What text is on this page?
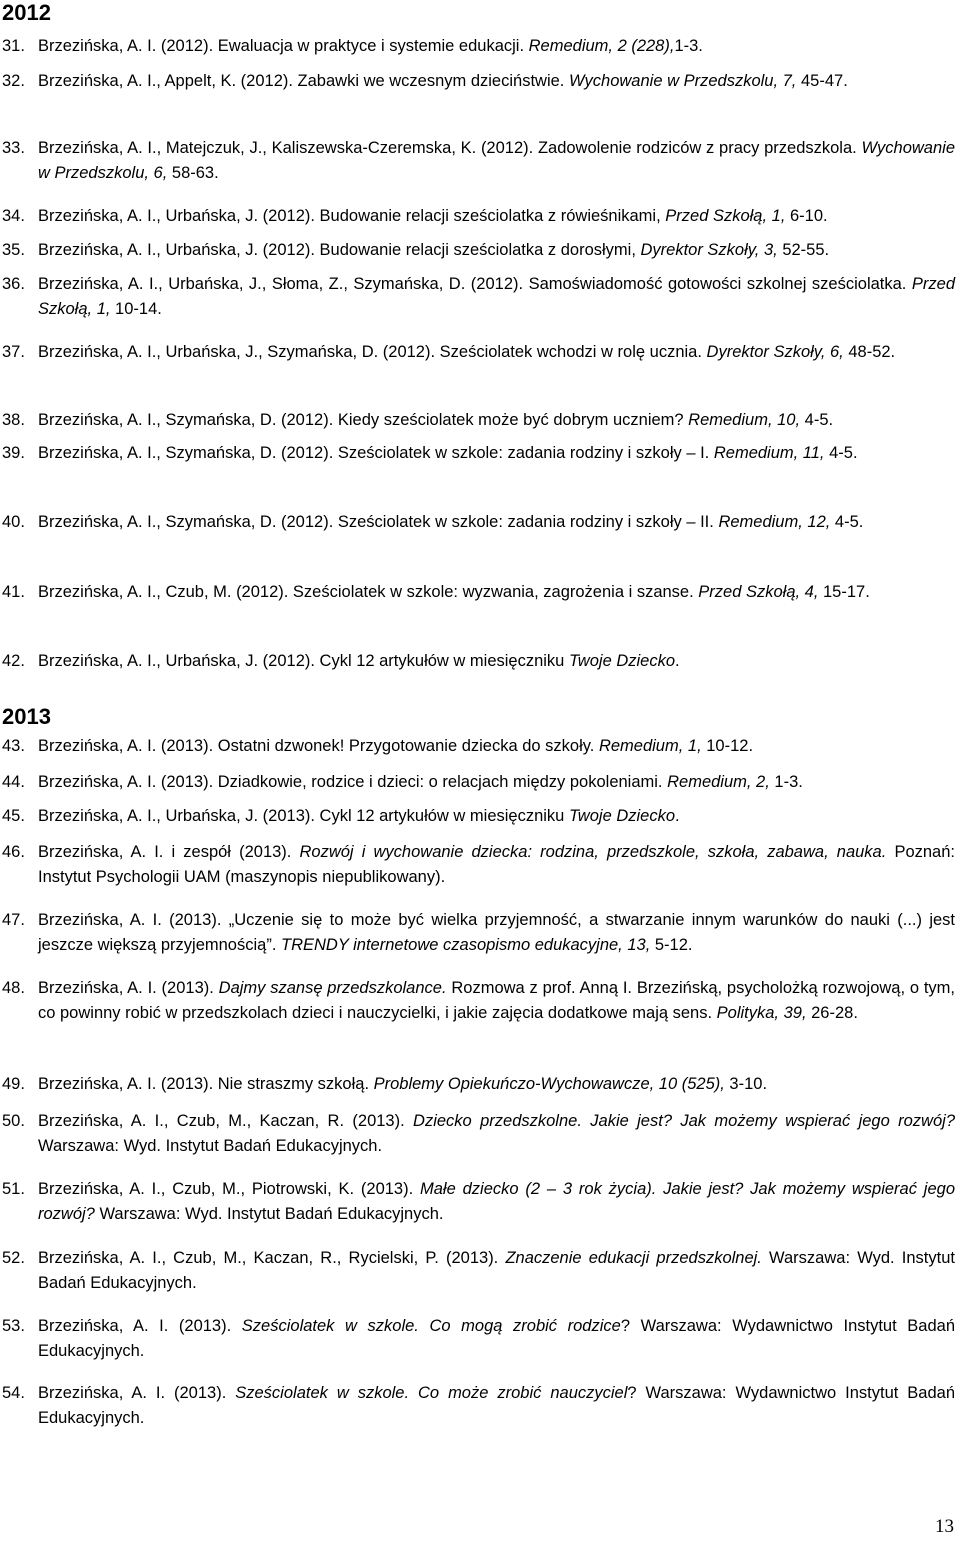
2012
2013
31. Brzezińska, A. I. (2012). Ewaluacja w praktyce i systemie edukacji. Remedium, 2 (228),1-3.
32. Brzezińska, A. I., Appelt, K. (2012). Zabawki we wczesnym dzieciństwie. Wychowanie w Przedszkolu, 7, 45-47.
33. Brzezińska, A. I., Matejczuk, J., Kaliszewska-Czeremska, K. (2012). Zadowolenie rodziców z pracy przedszkola. Wychowanie w Przedszkolu, 6, 58-63.
34. Brzezińska, A. I., Urbańska, J. (2012). Budowanie relacji sześciolatka z rówieśnikami, Przed Szkołą, 1, 6-10.
35. Brzezińska, A. I., Urbańska, J. (2012). Budowanie relacji sześciolatka z dorosłymi, Dyrektor Szkoły, 3, 52-55.
36. Brzezińska, A. I., Urbańska, J., Słoma, Z., Szymańska, D. (2012). Samoświadomość gotowości szkolnej sześciolatka. Przed Szkołą, 1, 10-14.
37. Brzezińska, A. I., Urbańska, J., Szymańska, D. (2012). Sześciolatek wchodzi w rolę ucznia. Dyrektor Szkoły, 6, 48-52.
38. Brzezińska, A. I., Szymańska, D. (2012). Kiedy sześciolatek może być dobrym uczniem? Remedium, 10, 4-5.
39. Brzezińska, A. I., Szymańska, D. (2012). Sześciolatek w szkole: zadania rodziny i szkoły – I. Remedium, 11, 4-5.
40. Brzezińska, A. I., Szymańska, D. (2012). Sześciolatek w szkole: zadania rodziny i szkoły – II. Remedium, 12, 4-5.
41. Brzezińska, A. I., Czub, M. (2012). Sześciolatek w szkole: wyzwania, zagrożenia i szanse. Przed Szkołą, 4, 15-17.
42. Brzezińska, A. I., Urbańska, J. (2012). Cykl 12 artykułów w miesięczniku Twoje Dziecko.
43. Brzezińska, A. I. (2013). Ostatni dzwonek! Przygotowanie dziecka do szkoły. Remedium, 1, 10-12.
44. Brzezińska, A. I. (2013). Dziadkowie, rodzice i dzieci: o relacjach między pokoleniami. Remedium, 2, 1-3.
45. Brzezińska, A. I., Urbańska, J. (2013). Cykl 12 artykułów w miesięczniku Twoje Dziecko.
46. Brzezińska, A. I. i zespół (2013). Rozwój i wychowanie dziecka: rodzina, przedszkole, szkoła, zabawa, nauka. Poznań: Instytut Psychologii UAM (maszynopis niepublikowany).
47. Brzezińska, A. I. (2013). „Uczenie się to może być wielka przyjemność, a stwarzanie innym warunków do nauki (...) jest jeszcze większą przyjemnością”. TRENDY internetowe czasopismo edukacyjne, 13, 5-12.
48. Brzezińska, A. I. (2013). Dajmy szansę przedszkolance. Rozmowa z prof. Anną I. Brzezińską, psycholożką rozwojową, o tym, co powinny robić w przedszkolach dzieci i nauczycielki, i jakie zajęcia dodatkowe mają sens. Polityka, 39, 26-28.
49. Brzezińska, A. I. (2013). Nie straszmy szkołą. Problemy Opiekuńczo-Wychowawcze, 10 (525), 3-10.
50. Brzezińska, A. I., Czub, M., Kaczan, R. (2013). Dziecko przedszkolne. Jakie jest? Jak możemy wspierać jego rozwój? Warszawa: Wyd. Instytut Badań Edukacyjnych.
51. Brzezińska, A. I., Czub, M., Piotrowski, K. (2013). Małe dziecko (2 – 3 rok życia). Jakie jest? Jak możemy wspierać jego rozwój? Warszawa: Wyd. Instytut Badań Edukacyjnych.
52. Brzezińska, A. I., Czub, M., Kaczan, R., Rycielski, P. (2013). Znaczenie edukacji przedszkolnej. Warszawa: Wyd. Instytut Badań Edukacyjnych.
53. Brzezińska, A. I. (2013). Sześciolatek w szkole. Co mogą zrobić rodzice? Warszawa: Wydawnictwo Instytut Badań Edukacyjnych.
54. Brzezińska, A. I. (2013). Sześciolatek w szkole. Co może zrobić nauczyciel? Warszawa: Wydawnictwo Instytut Badań Edukacyjnych.
13
